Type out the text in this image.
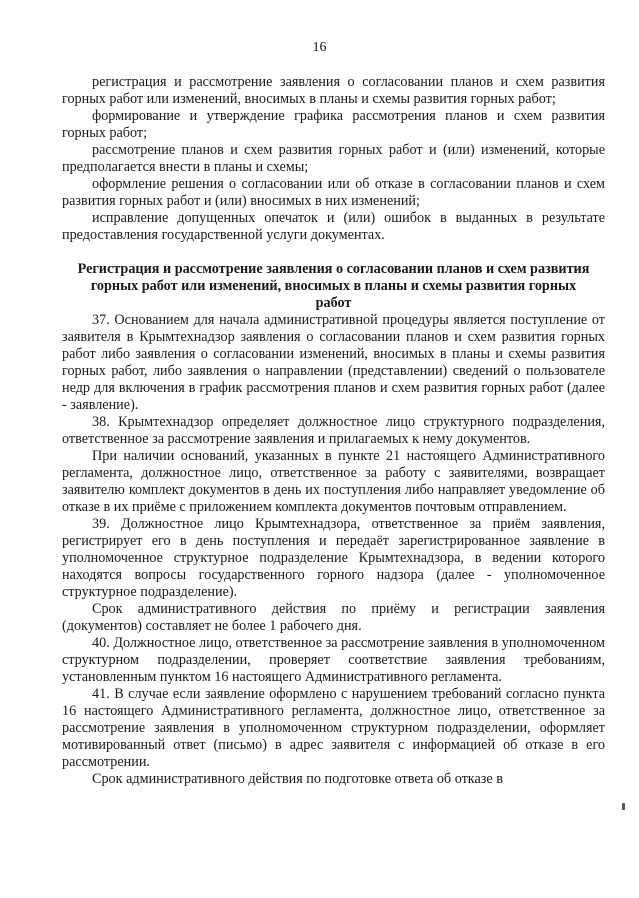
16

регистрация и рассмотрение заявления о согласовании планов и схем развития горных работ или изменений, вносимых в планы и схемы развития горных работ;

формирование и утверждение графика рассмотрения планов и схем развития горных работ;

рассмотрение планов и схем развития горных работ и (или) изменений, которые предполагается внести в планы и схемы;

оформление решения о согласовании или об отказе в согласовании планов и схем развития горных работ и (или) вносимых в них изменений;

исправление допущенных опечаток и (или) ошибок в выданных в результате предоставления государственной услуги документах.

Регистрация и рассмотрение заявления о согласовании планов и схем развития горных работ или изменений, вносимых в планы и схемы развития горных работ

37. Основанием для начала административной процедуры является поступление от заявителя в Крымтехнадзор заявления о согласовании планов и схем развития горных работ либо заявления о согласовании изменений, вносимых в планы и схемы развития горных работ, либо заявления о направлении (представлении) сведений о пользователе недр для включения в график рассмотрения планов и схем развития горных работ (далее - заявление).

38. Крымтехнадзор определяет должностное лицо структурного подразделения, ответственное за рассмотрение заявления и прилагаемых к нему документов.

При наличии оснований, указанных в пункте 21 настоящего Административного регламента, должностное лицо, ответственное за работу с заявителями, возвращает заявителю комплект документов в день их поступления либо направляет уведомление об отказе в их приёме с приложением комплекта документов почтовым отправлением.

39. Должностное лицо Крымтехнадзора, ответственное за приём заявления, регистрирует его в день поступления и передаёт зарегистрированное заявление в уполномоченное структурное подразделение Крымтехнадзора, в ведении которого находятся вопросы государственного горного надзора (далее - уполномоченное структурное подразделение).

Срок административного действия по приёму и регистрации заявления (документов) составляет не более 1 рабочего дня.

40. Должностное лицо, ответственное за рассмотрение заявления в уполномоченном структурном подразделении, проверяет соответствие заявления требованиям, установленным пунктом 16 настоящего Административного регламента.

41. В случае если заявление оформлено с нарушением требований согласно пункта 16 настоящего Административного регламента, должностное лицо, ответственное за рассмотрение заявления в уполномоченном структурном подразделении, оформляет мотивированный ответ (письмо) в адрес заявителя с информацией об отказе в его рассмотрении.

Срок административного действия по подготовке ответа об отказе в
